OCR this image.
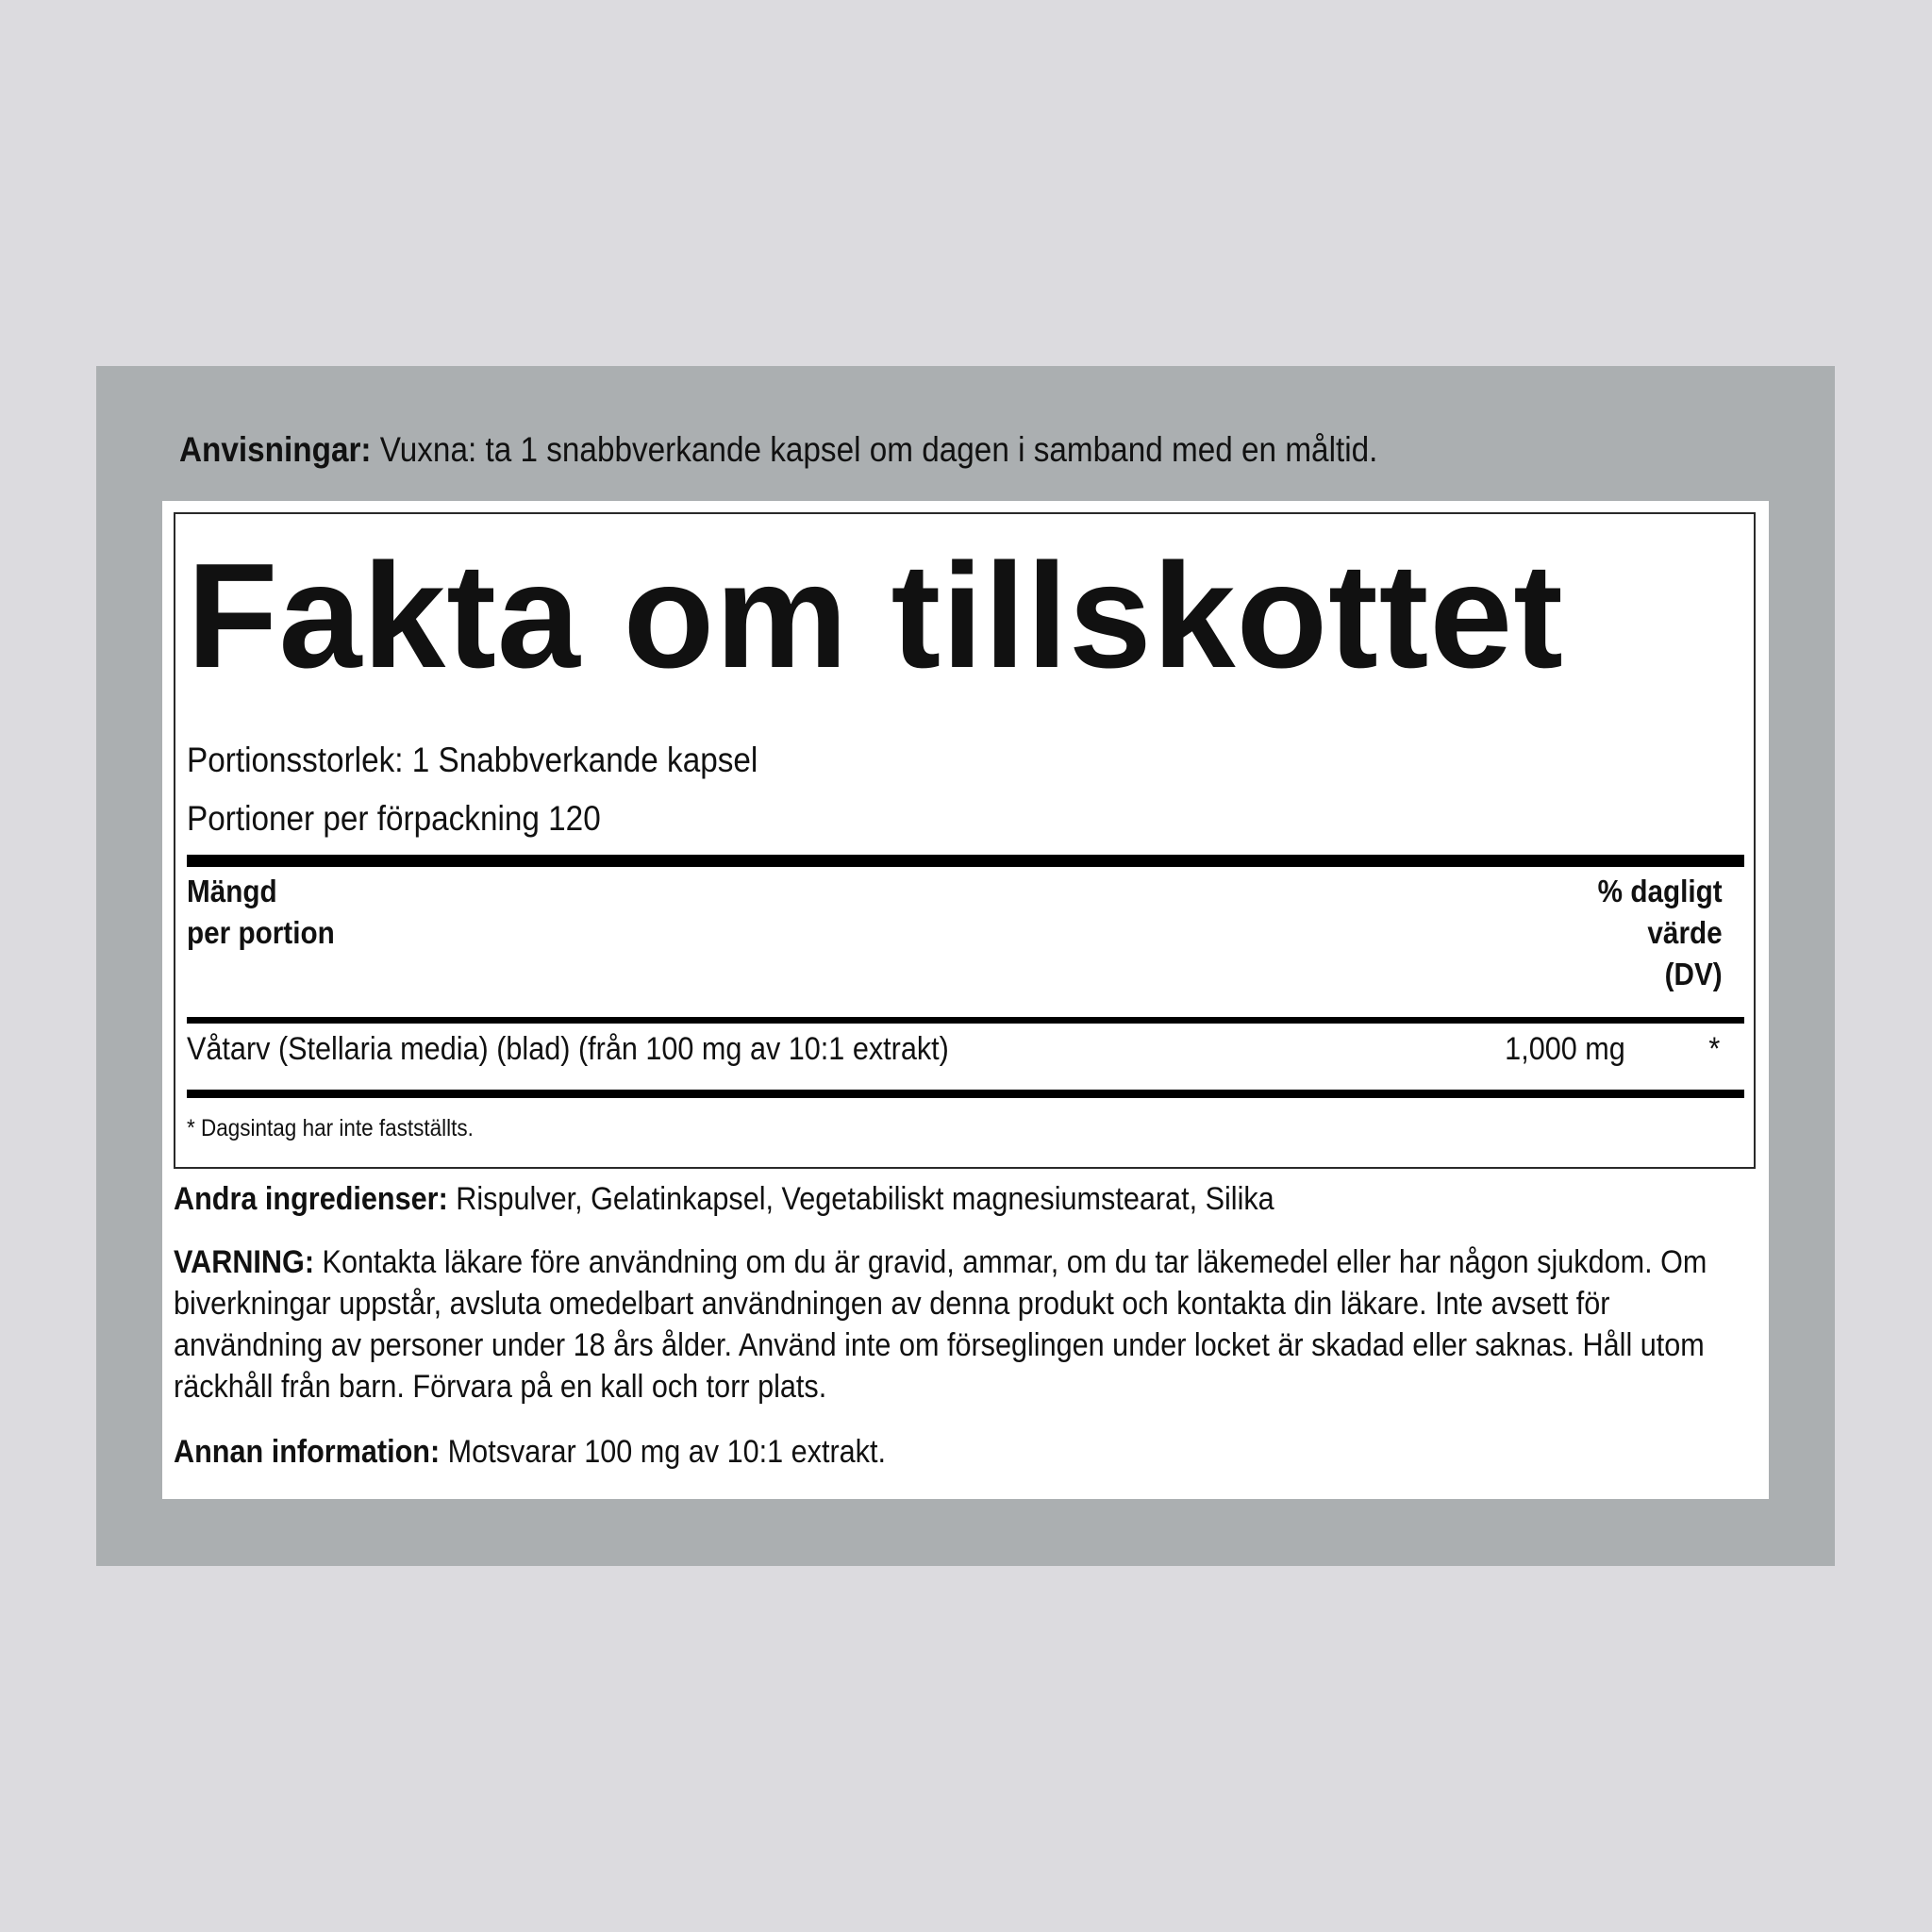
Anvisningar: Vuxna: ta 1 snabbverkande kapsel om dagen i samband med en måltid.
Fakta om tillskottet
Portionsstorlek: 1 Snabbverkande kapsel
Portioner per förpackning 120
Mängd
per portion
% dagligt
värde
(DV)
Våtarv (Stellaria media) (blad) (från 100 mg av 10:1 extrakt)	1,000 mg	*
* Dagsintag har inte fastställts.
Andra ingredienser: Rispulver, Gelatinkapsel, Vegetabiliskt magnesiumstearat, Silika
VARNING: Kontakta läkare före användning om du är gravid, ammar, om du tar läkemedel eller har någon sjukdom. Om biverkningar uppstår, avsluta omedelbart användningen av denna produkt och kontakta din läkare. Inte avsett för användning av personer under 18 års ålder. Använd inte om förseglingen under locket är skadad eller saknas. Håll utom räckhåll från barn. Förvara på en kall och torr plats.
Annan information: Motsvarar 100 mg av 10:1 extrakt.
